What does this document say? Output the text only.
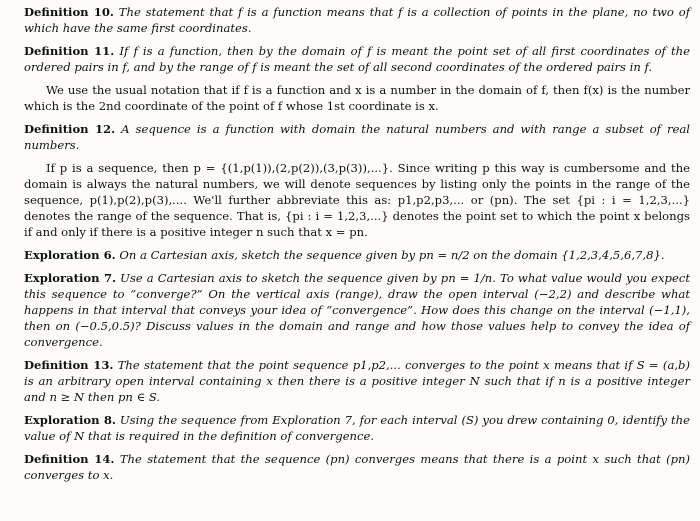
Definition 10. The statement that f is a function means that f is a collection of points in the plane, no two of which have the same first coordinates.

Definition 11. If f is a function, then by the domain of f is meant the point set of all first coordinates of the ordered pairs in f, and by the range of f is meant the set of all second coordinates of the ordered pairs in f.

We use the usual notation that if f is a function and x is a number in the domain of f, then f(x) is the number which is the 2nd coordinate of the point of f whose 1st coordinate is x.

Definition 12. A sequence is a function with domain the natural numbers and with range a subset of real numbers.

If p is a sequence, then p = {(1,p(1)),(2,p(2)),(3,p(3)),...}. Since writing p this way is cumbersome and the domain is always the natural numbers, we will denote sequences by listing only the points in the range of the sequence, p(1),p(2),p(3),.... We'll further abbreviate this as: p1,p2,p3,... or (pn). The set {pi : i = 1,2,3,...} denotes the range of the sequence. That is, {pi : i = 1,2,3,...} denotes the point set to which the point x belongs if and only if there is a positive integer n such that x = pn.

Exploration 6. On a Cartesian axis, sketch the sequence given by pn = n/2 on the domain {1,2,3,4,5,6,7,8}.

Exploration 7. Use a Cartesian axis to sketch the sequence given by pn = 1/n. To what value would you expect this sequence to “converge?” On the vertical axis (range), draw the open interval (−2,2) and describe what happens in that interval that conveys your idea of “convergence”. How does this change on the interval (−1,1), then on (−0.5,0.5)? Discuss values in the domain and range and how those values help to convey the idea of convergence.

Definition 13. The statement that the point sequence p1,p2,... converges to the point x means that if S = (a,b) is an arbitrary open interval containing x then there is a positive integer N such that if n is a positive integer and n ≥ N then pn ∈ S.

Exploration 8. Using the sequence from Exploration 7, for each interval (S) you drew containing 0, identify the value of N that is required in the definition of convergence.

Definition 14. The statement that the sequence (pn) converges means that there is a point x such that (pn) converges to x.
